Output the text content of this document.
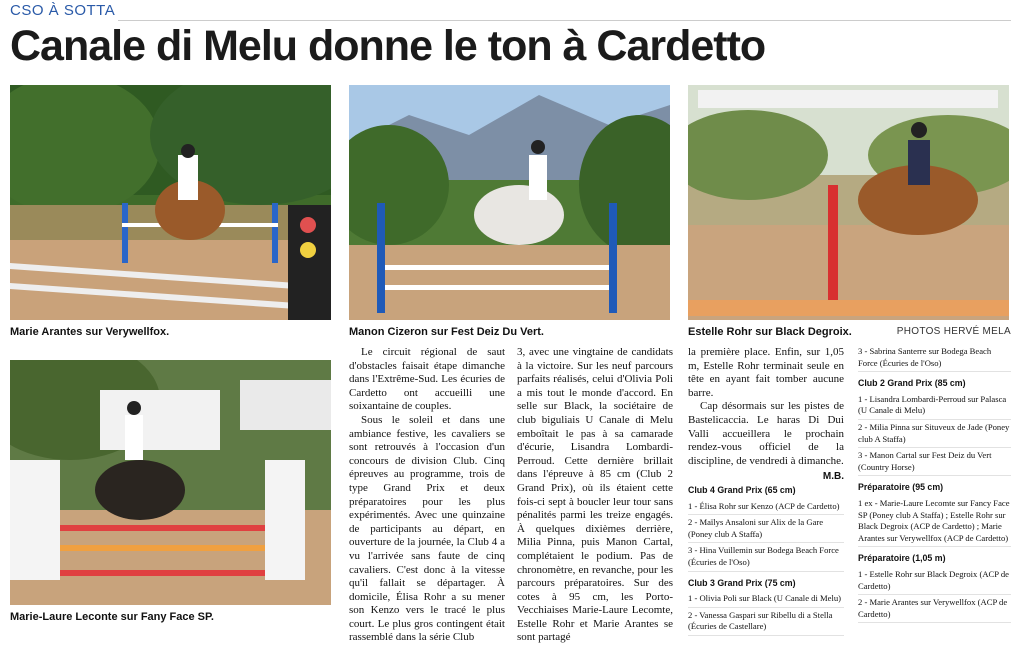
CSO À SOTTA
Canale di Melu donne le ton à Cardetto
Marie Arantes sur Verywellfox.	Manon Cizeron sur Fest Deiz Du Vert.	Estelle Rohr sur Black Degroix.	PHOTOS HERVÉ MELA
Marie-Laure Leconte sur Fany Face SP.

Le circuit régional de saut d'obstacles faisait étape dimanche dans l'Extrême-Sud. Les écuries de Cardetto ont accueilli une soixantaine de couples.

Sous le soleil et dans une ambiance festive, les cavaliers se sont retrouvés à l'occasion d'un concours de division Club. Cinq épreuves au programme, trois de type Grand Prix et deux préparatoires pour les plus expérimentés. Avec une quinzaine de participants au départ, en ouverture de la journée, la Club 4 a vu l'arrivée sans faute de cinq cavaliers. C'est donc à la vitesse qu'il fallait se départager. À domicile, Élisa Rohr a su mener son Kenzo vers le tracé le plus court. Le plus gros contingent était rassemblé dans la série Club

3, avec une vingtaine de candidats à la victoire. Sur les neuf parcours parfaits réalisés, celui d'Olivia Poli a mis tout le monde d'accord. En selle sur Black, la sociétaire de club biguliais U Canale di Melu emboîtait le pas à sa camarade d'écurie, Lisandra Lombardi-Perroud. Cette dernière brillait dans l'épreuve à 85 cm (Club 2 Grand Prix), où ils étaient cette fois-ci sept à boucler leur tour sans pénalités parmi les treize engagés. À quelques dixièmes derrière, Milia Pinna, puis Manon Cartal, complétaient le podium. Pas de chronomètre, en revanche, pour les parcours préparatoires. Sur des cotes à 95 cm, les Porto-Vecchiaises Marie-Laure Lecomte, Estelle Rohr et Marie Arantes se sont partagé

la première place. Enfin, sur 1,05 m, Estelle Rohr terminait seule en tête en ayant fait tomber aucune barre.

Cap désormais sur les pistes de Bastelicaccia. Le haras Di Dui Valli accueillera le prochain rendez-vous officiel de la discipline, de vendredi à dimanche.

M.B.
Club 4 Grand Prix (65 cm)
1 - Élisa Rohr sur Kenzo (ACP de Cardetto)
2 - Maïlys Ansaloni sur Alix de la Gare (Poney club A Staffa)
3 - Hina Vuillemin sur Bodega Beach Force (Écuries de l'Oso)
Club 3 Grand Prix (75 cm)
1 - Olivia Poli sur Black (U Canale di Melu)
2 - Vanessa Gaspari sur Ribellu di a Stella (Écuries de Castellare)
3 - Sabrina Santerre sur Bodega Beach Force (Écuries de l'Oso)
Club 2 Grand Prix (85 cm)
1 - Lisandra Lombardi-Perroud sur Palasca (U Canale di Melu)
2 - Milia Pinna sur Situveux de Jade (Poney club A Staffa)
3 - Manon Cartal sur Fest Deiz du Vert (Country Horse)
Préparatoire (95 cm)
1 ex - Marie-Laure Lecomte sur Fancy Face SP (Poney club A Staffa) ; Estelle Rohr sur Black Degroix (ACP de Cardetto) ; Marie Arantes sur Verywellfox (ACP de Cardetto)
Préparatoire (1,05 m)
1 - Estelle Rohr sur Black Degroix (ACP de Cardetto)
2 - Marie Arantes sur Verywellfox (ACP de Cardetto)
